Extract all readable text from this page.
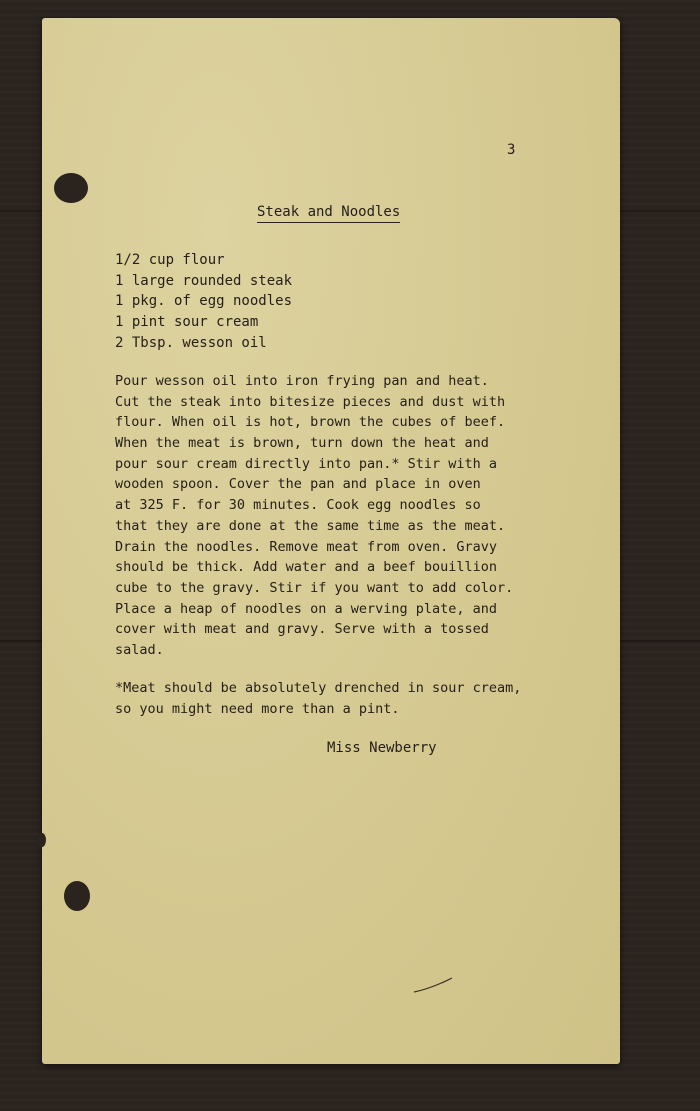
3
Steak and Noodles
1/2 cup flour
1 large rounded steak
1 pkg. of egg noodles
1 pint sour cream
2 Tbsp. wesson oil
Pour wesson oil into iron frying pan and heat.
Cut the steak into bitesize pieces and dust with
flour. When oil is hot, brown the cubes of beef.
When the meat is brown, turn down the heat and
pour sour cream directly into pan.* Stir with a
wooden spoon. Cover the pan and place in oven
at 325 F. for 30 minutes. Cook egg noodles so
that they are done at the same time as the meat.
Drain the noodles. Remove meat from oven. Gravy
should be thick. Add water and a beef bouillion
cube to the gravy. Stir if you want to add color.
Place a heap of noodles on a werving plate, and
cover with meat and gravy. Serve with a tossed
salad.
*Meat should be absolutely drenched in sour cream,
so you might need more than a pint.
Miss Newberry
